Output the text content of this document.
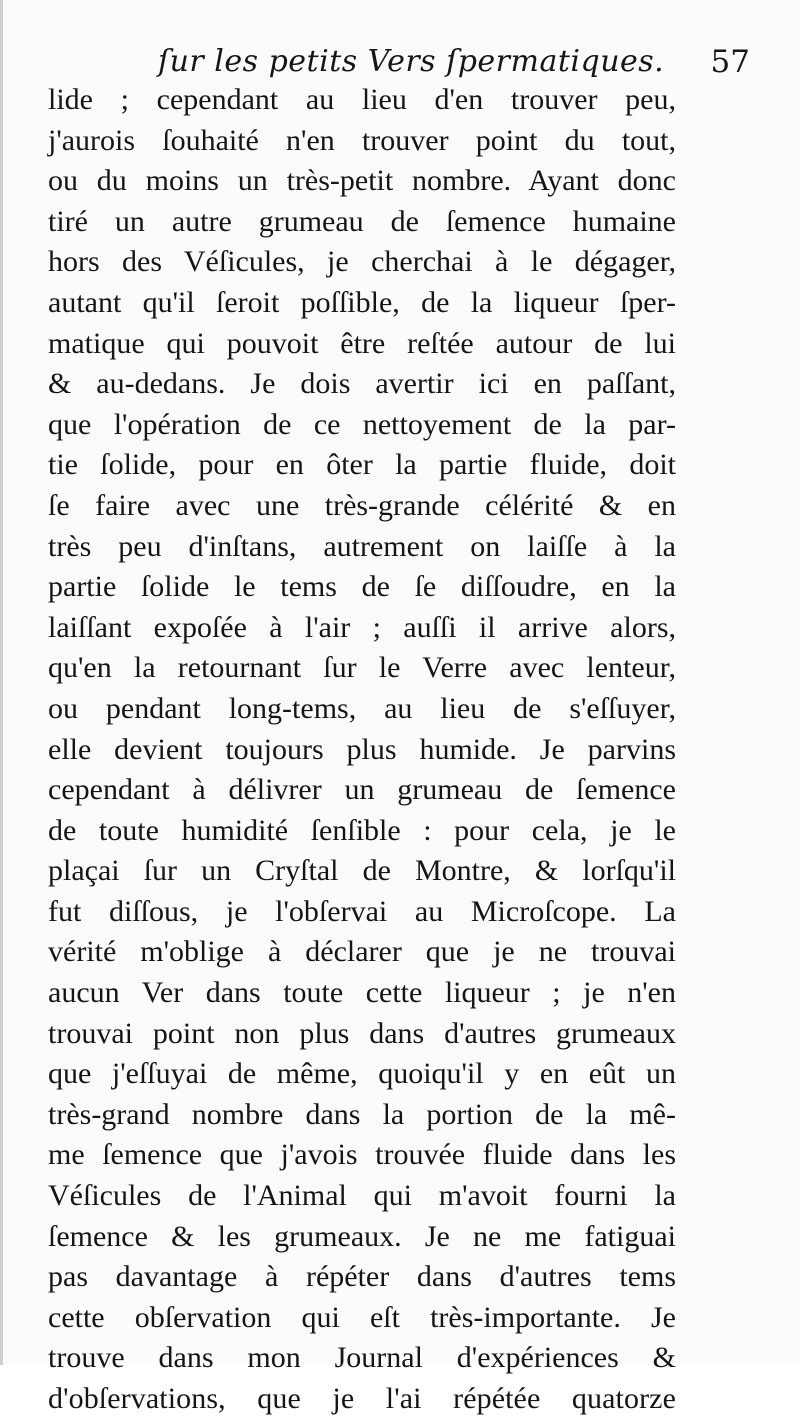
ſur les petits Vers ſpermatiques. 57
lide ; cependant au lieu d'en trouver peu,
j'aurois ſouhaité n'en trouver point du tout,
ou du moins un très-petit nombre. Ayant donc
tiré un autre grumeau de ſemence humaine
hors des Véſicules, je cherchai à le dégager,
autant qu'il ſeroit poſſible, de la liqueur ſper-
matique qui pouvoit être reſtée autour de lui
& au-dedans. Je dois avertir ici en paſſant,
que l'opération de ce nettoyement de la par-
tie ſolide, pour en ôter la partie fluide, doit
ſe faire avec une très-grande célérité & en
très peu d'inſtans, autrement on laiſſe à la
partie ſolide le tems de ſe diſſoudre, en la
laiſſant expoſée à l'air ; auſſi il arrive alors,
qu'en la retournant ſur le Verre avec lenteur,
ou pendant long-tems, au lieu de s'eſſuyer,
elle devient toujours plus humide. Je parvins
cependant à délivrer un grumeau de ſemence
de toute humidité ſenſible : pour cela, je le
plaçai ſur un Cryſtal de Montre, & lorſqu'il
fut diſſous, je l'obſervai au Microſcope. La
vérité m'oblige à déclarer que je ne trouvai
aucun Ver dans toute cette liqueur ; je n'en
trouvai point non plus dans d'autres grumeaux
que j'eſſuyai de même, quoiqu'il y en eût un
très-grand nombre dans la portion de la mê-
me ſemence que j'avois trouvée fluide dans les
Véſicules de l'Animal qui m'avoit fourni la
ſemence & les grumeaux. Je ne me fatiguai
pas davantage à répéter dans d'autres tems
cette obſervation qui eſt très-importante. Je
trouve dans mon Journal d'expériences &
d'obſervations, que je l'ai répétée quatorze
